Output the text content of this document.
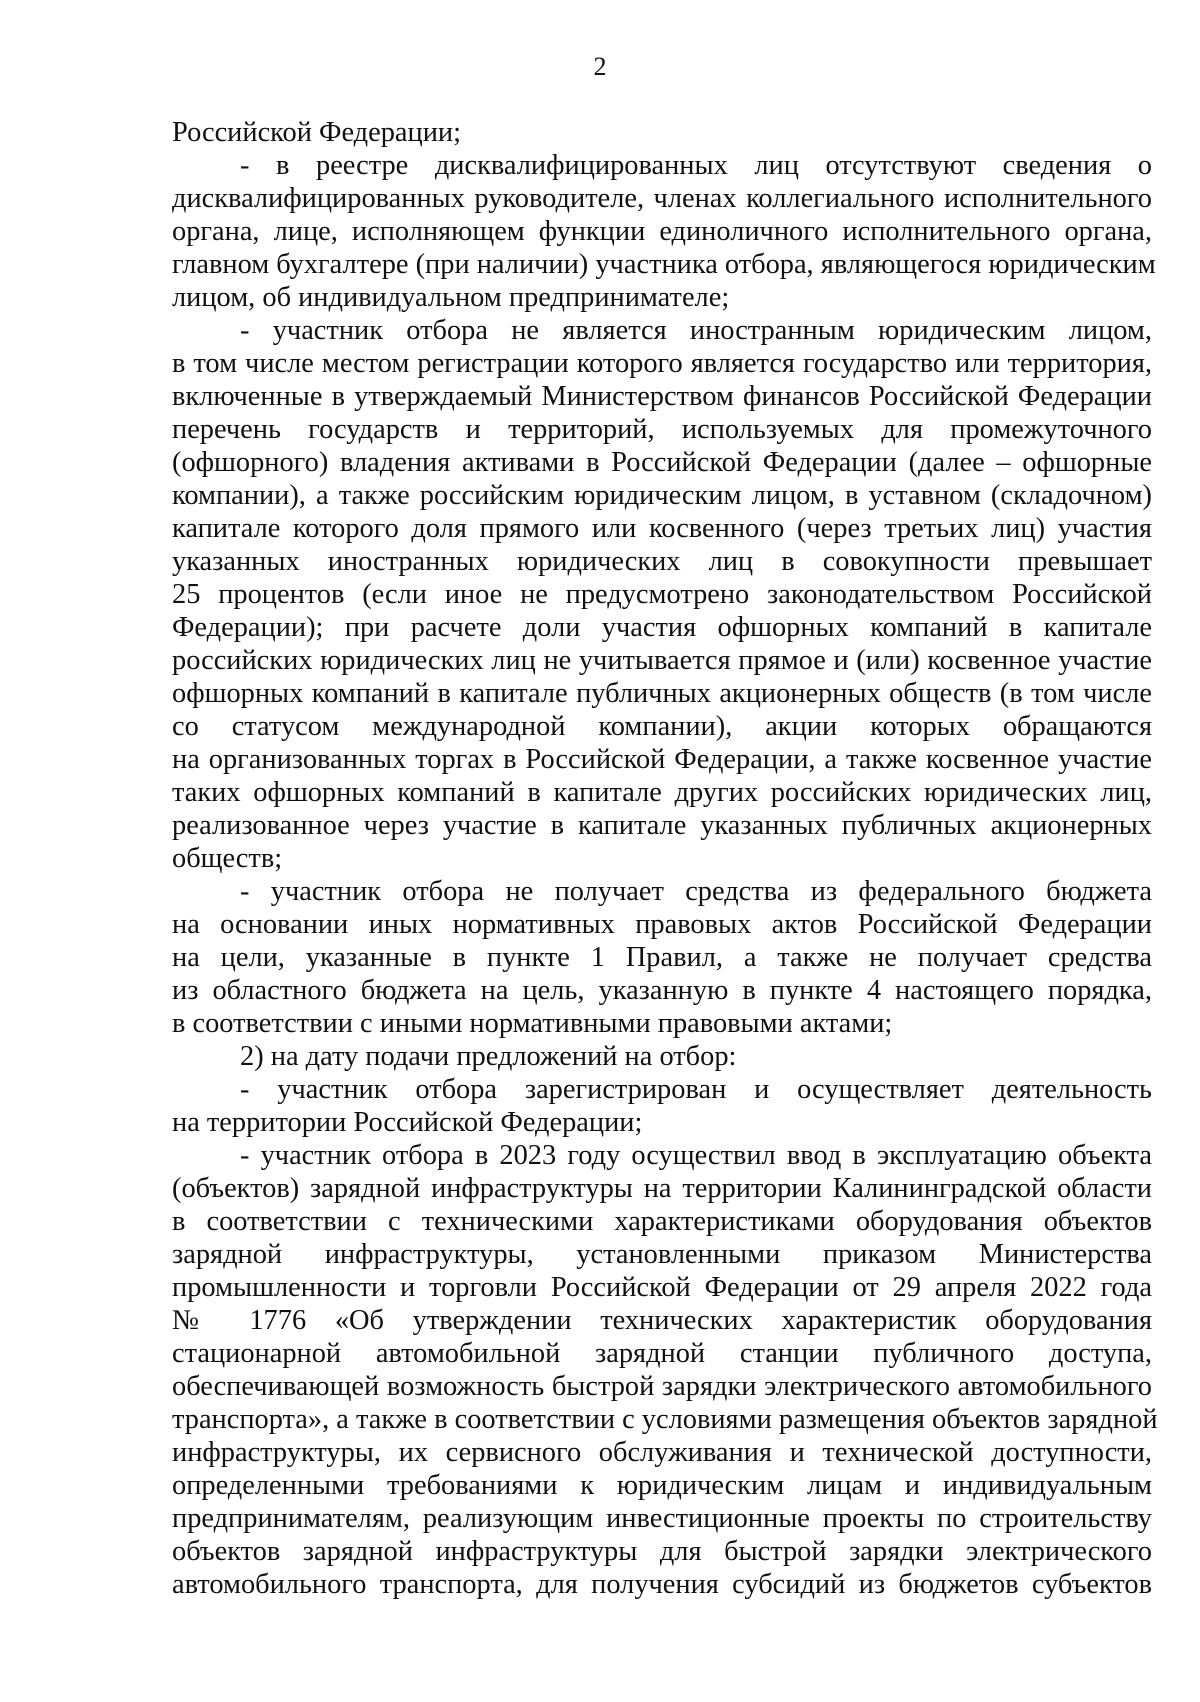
2
Российской Федерации;
- в реестре дисквалифицированных лиц отсутствуют сведения о
дисквалифицированных руководителе, членах коллегиального исполнительного
органа, лице, исполняющем функции единоличного исполнительного органа,
главном бухгалтере (при наличии) участника отбора, являющегося юридическим
лицом, об индивидуальном предпринимателе;
- участник отбора не является иностранным юридическим лицом,
в том числе местом регистрации которого является государство или территория,
включенные в утверждаемый Министерством финансов Российской Федерации
перечень государств и территорий, используемых для промежуточного
(офшорного) владения активами в Российской Федерации (далее – офшорные
компании), а также российским юридическим лицом, в уставном (складочном)
капитале которого доля прямого или косвенного (через третьих лиц) участия
указанных иностранных юридических лиц в совокупности превышает
25 процентов (если иное не предусмотрено законодательством Российской
Федерации); при расчете доли участия офшорных компаний в капитале
российских юридических лиц не учитывается прямое и (или) косвенное участие
офшорных компаний в капитале публичных акционерных обществ (в том числе
со статусом международной компании), акции которых обращаются
на организованных торгах в Российской Федерации, а также косвенное участие
таких офшорных компаний в капитале других российских юридических лиц,
реализованное через участие в капитале указанных публичных акционерных
обществ;
- участник отбора не получает средства из федерального бюджета
на основании иных нормативных правовых актов Российской Федерации
на цели, указанные в пункте 1 Правил, а также не получает средства
из областного бюджета на цель, указанную в пункте 4 настоящего порядка,
в соответствии с иными нормативными правовыми актами;
2) на дату подачи предложений на отбор:
- участник отбора зарегистрирован и осуществляет деятельность
на территории Российской Федерации;
- участник отбора в 2023 году осуществил ввод в эксплуатацию объекта
(объектов) зарядной инфраструктуры на территории Калининградской области
в соответствии с техническими характеристиками оборудования объектов
зарядной инфраструктуры, установленными приказом Министерства
промышленности и торговли Российской Федерации от 29 апреля 2022 года
№ 1776 «Об утверждении технических характеристик оборудования
стационарной автомобильной зарядной станции публичного доступа,
обеспечивающей возможность быстрой зарядки электрического автомобильного
транспорта», а также в соответствии с условиями размещения объектов зарядной
инфраструктуры, их сервисного обслуживания и технической доступности,
определенными требованиями к юридическим лицам и индивидуальным
предпринимателям, реализующим инвестиционные проекты по строительству
объектов зарядной инфраструктуры для быстрой зарядки электрического
автомобильного транспорта, для получения субсидий из бюджетов субъектов
